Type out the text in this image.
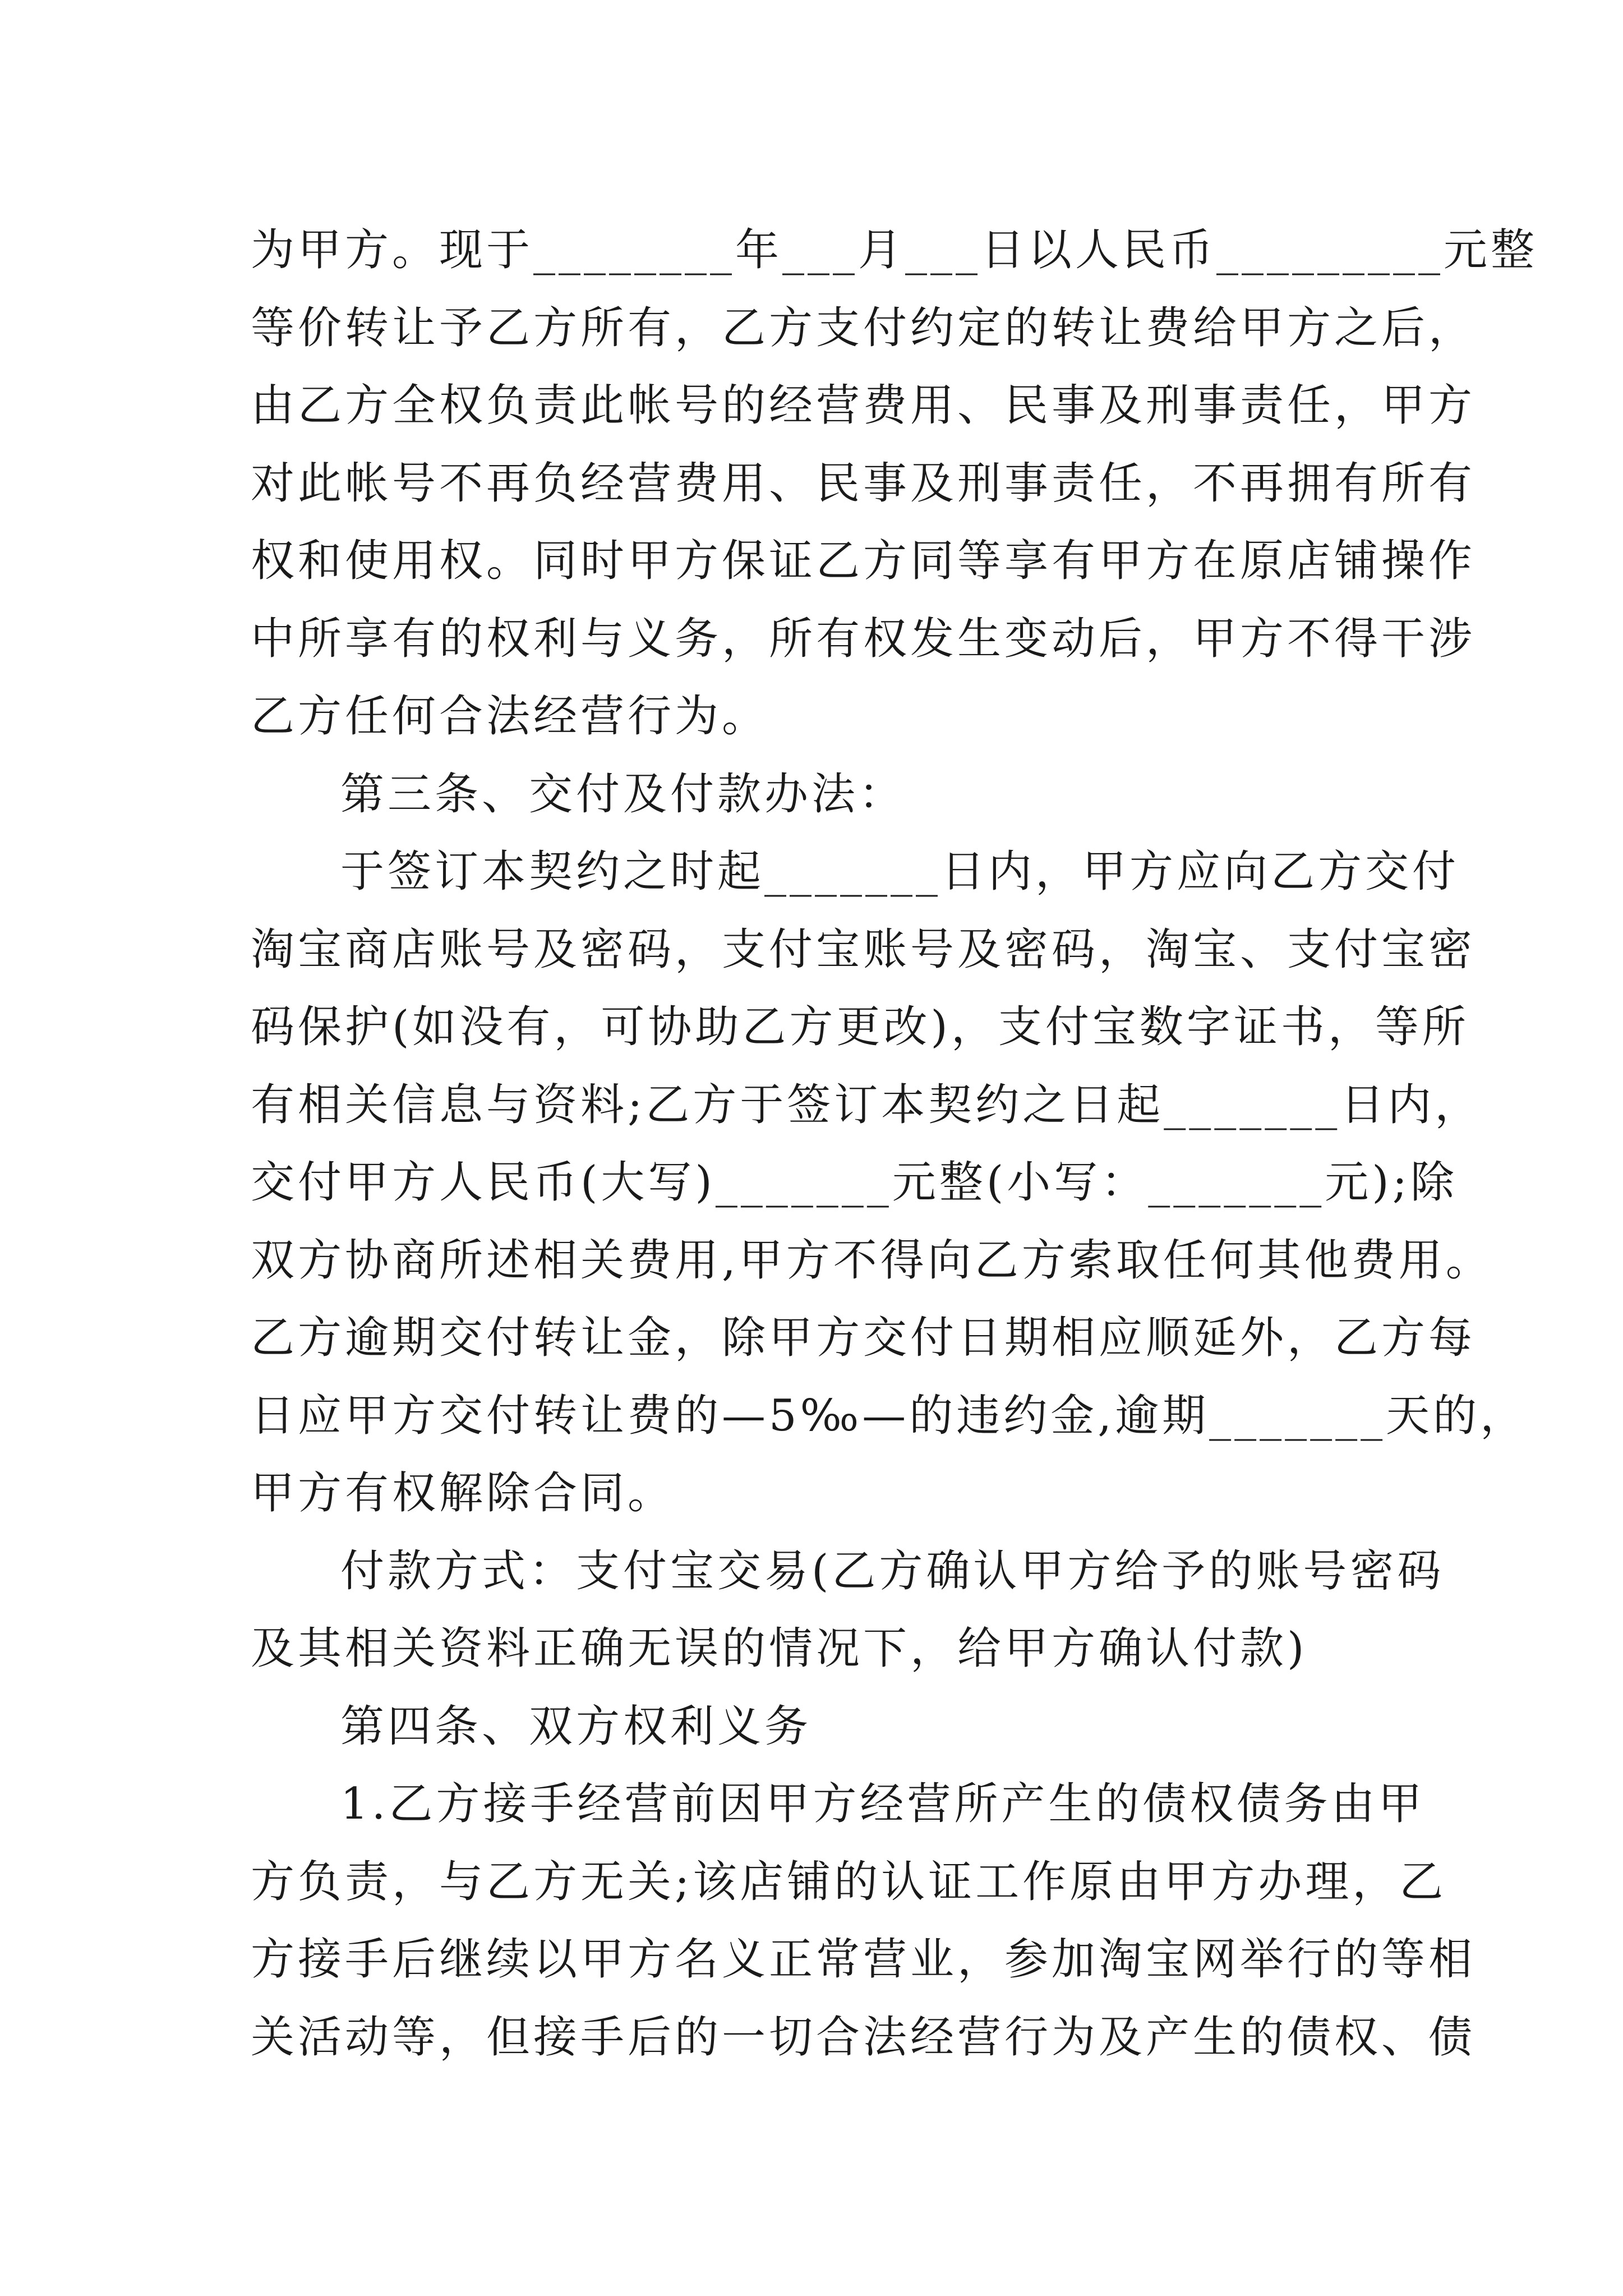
为甲方。现于________年___月___日以人民币_________元整
等价转让予乙方所有，乙方支付约定的转让费给甲方之后，
由乙方全权负责此帐号的经营费用、民事及刑事责任，甲方
对此帐号不再负经营费用、民事及刑事责任，不再拥有所有
权和使用权。同时甲方保证乙方同等享有甲方在原店铺操作
中所享有的权利与义务，所有权发生变动后，甲方不得干涉
乙方任何合法经营行为。
第三条、交付及付款办法：
于签订本契约之时起_______日内，甲方应向乙方交付
淘宝商店账号及密码，支付宝账号及密码，淘宝、支付宝密
码保护(如没有，可协助乙方更改)，支付宝数字证书，等所
有相关信息与资料;乙方于签订本契约之日起_______日内，
交付甲方人民币(大写)_______元整(小写：_______元);除
双方协商所述相关费用,甲方不得向乙方索取任何其他费用。
乙方逾期交付转让金，除甲方交付日期相应顺延外，乙方每
日应甲方交付转让费的—5‰—的违约金,逾期_______天的，
甲方有权解除合同。
付款方式：支付宝交易(乙方确认甲方给予的账号密码
及其相关资料正确无误的情况下，给甲方确认付款)
第四条、双方权利义务
1.乙方接手经营前因甲方经营所产生的债权债务由甲
方负责，与乙方无关;该店铺的认证工作原由甲方办理，乙
方接手后继续以甲方名义正常营业，参加淘宝网举行的等相
关活动等，但接手后的一切合法经营行为及产生的债权、债
